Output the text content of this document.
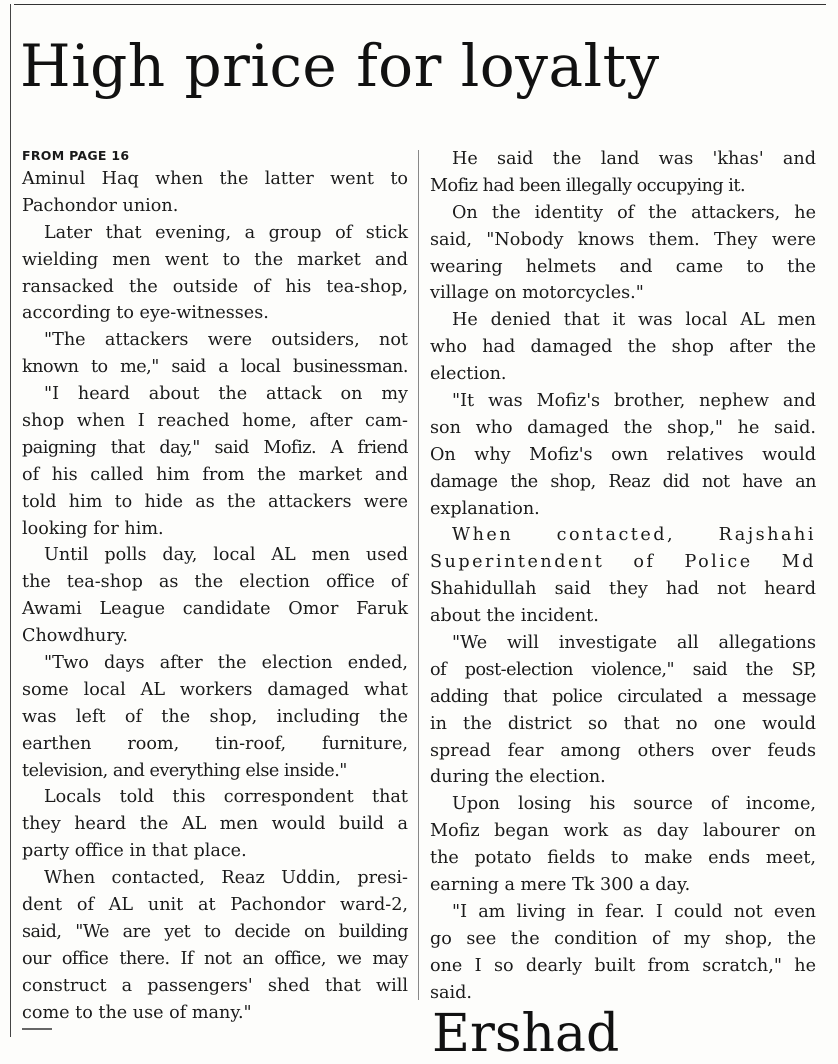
High price for loyalty
FROM PAGE 16
Aminul Haq when the latter went to
Pachondor union.
Later that evening, a group of stick
wielding men went to the market and
ransacked the outside of his tea-shop,
according to eye-witnesses.
"The attackers were outsiders, not
known to me," said a local businessman.
"I heard about the attack on my
shop when I reached home, after cam-
paigning that day," said Mofiz. A friend
of his called him from the market and
told him to hide as the attackers were
looking for him.
Until polls day, local AL men used
the tea-shop as the election office of
Awami League candidate Omor Faruk
Chowdhury.
"Two days after the election ended,
some local AL workers damaged what
was left of the shop, including the
earthen room, tin-roof, furniture,
television, and everything else inside."
Locals told this correspondent that
they heard the AL men would build a
party office in that place.
When contacted, Reaz Uddin, presi-
dent of AL unit at Pachondor ward-2,
said, "We are yet to decide on building
our office there. If not an office, we may
construct a passengers' shed that will
come to the use of many."
He said the land was 'khas' and
Mofiz had been illegally occupying it.
On the identity of the attackers, he
said, "Nobody knows them. They were
wearing helmets and came to the
village on motorcycles."
He denied that it was local AL men
who had damaged the shop after the
election.
"It was Mofiz's brother, nephew and
son who damaged the shop," he said.
On why Mofiz's own relatives would
damage the shop, Reaz did not have an
explanation.
When contacted, Rajshahi
Superintendent of Police Md
Shahidullah said they had not heard
about the incident.
"We will investigate all allegations
of post-election violence," said the SP,
adding that police circulated a message
in the district so that no one would
spread fear among others over feuds
during the election.
Upon losing his source of income,
Mofiz began work as day labourer on
the potato fields to make ends meet,
earning a mere Tk 300 a day.
"I am living in fear. I could not even
go see the condition of my shop, the
one I so dearly built from scratch," he
said.
Ershad
